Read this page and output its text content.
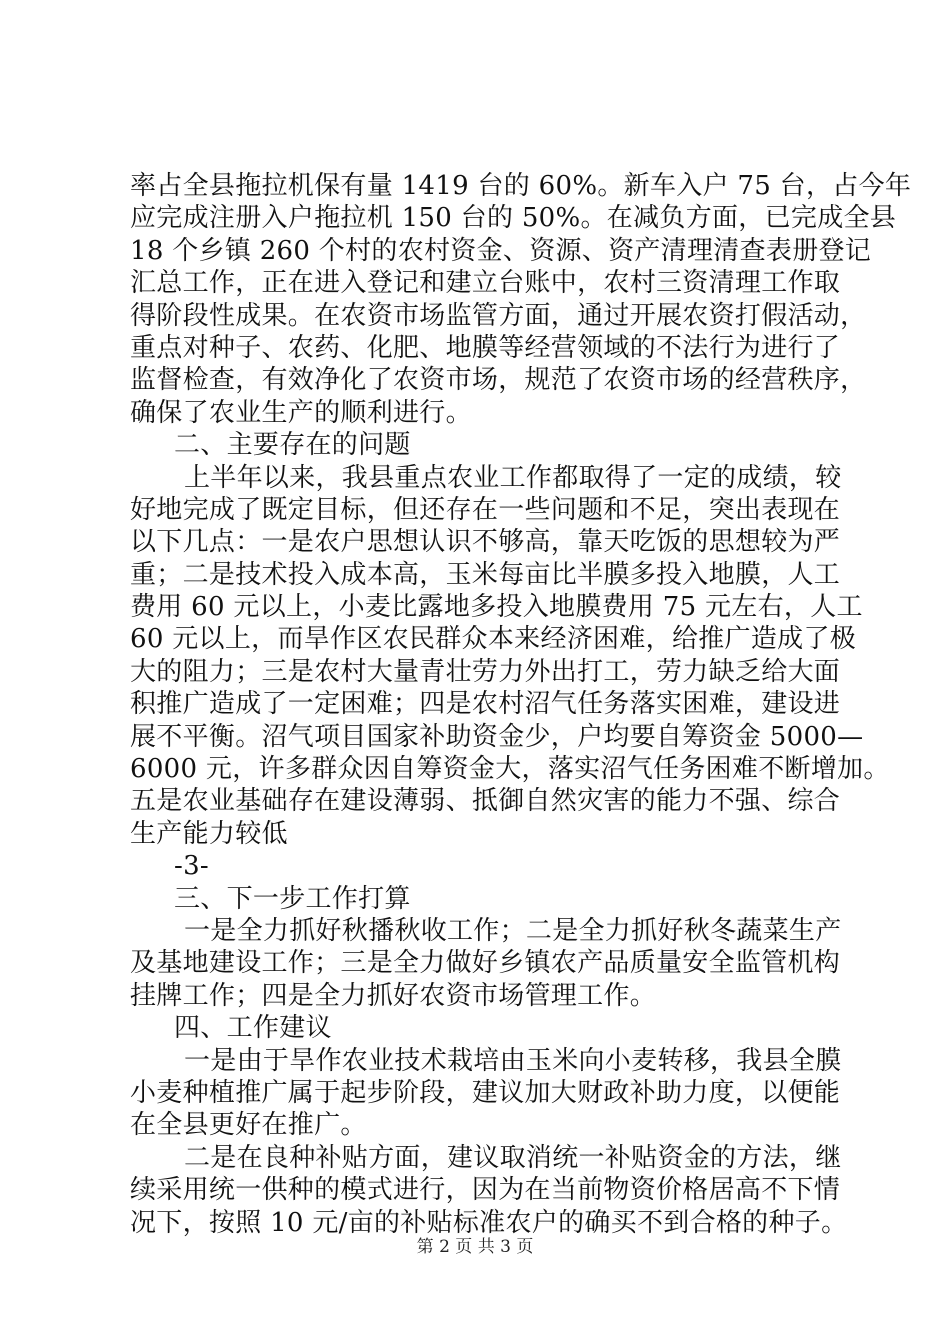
率占全县拖拉机保有量 1419 台的 60%。新车入户 75 台，占今年
应完成注册入户拖拉机 150 台的 50%。在减负方面，已完成全县
18 个乡镇 260 个村的农村资金、资源、资产清理清查表册登记
汇总工作，正在进入登记和建立台账中，农村三资清理工作取
得阶段性成果。在农资市场监管方面，通过开展农资打假活动，
重点对种子、农药、化肥、地膜等经营领域的不法行为进行了
监督检查，有效净化了农资市场，规范了农资市场的经营秩序，
确保了农业生产的顺利进行。
二、主要存在的问题
上半年以来，我县重点农业工作都取得了一定的成绩，较
好地完成了既定目标，但还存在一些问题和不足，突出表现在
以下几点：一是农户思想认识不够高，靠天吃饭的思想较为严
重；二是技术投入成本高，玉米每亩比半膜多投入地膜，人工
费用 60 元以上，小麦比露地多投入地膜费用 75 元左右，人工
60 元以上，而旱作区农民群众本来经济困难，给推广造成了极
大的阻力；三是农村大量青壮劳力外出打工，劳力缺乏给大面
积推广造成了一定困难；四是农村沼气任务落实困难，建设进
展不平衡。沼气项目国家补助资金少，户均要自筹资金 5000—
6000 元，许多群众因自筹资金大，落实沼气任务困难不断增加。
五是农业基础存在建设薄弱、抵御自然灾害的能力不强、综合
生产能力较低
-3-
三、下一步工作打算
一是全力抓好秋播秋收工作；二是全力抓好秋冬蔬菜生产
及基地建设工作；三是全力做好乡镇农产品质量安全监管机构
挂牌工作；四是全力抓好农资市场管理工作。
四、工作建议
一是由于旱作农业技术栽培由玉米向小麦转移，我县全膜
小麦种植推广属于起步阶段，建议加大财政补助力度，以便能
在全县更好在推广。
二是在良种补贴方面，建议取消统一补贴资金的方法，继
续采用统一供种的模式进行，因为在当前物资价格居高不下情
况下，按照 10 元/亩的补贴标准农户的确买不到合格的种子。
第 2 页 共 3 页
